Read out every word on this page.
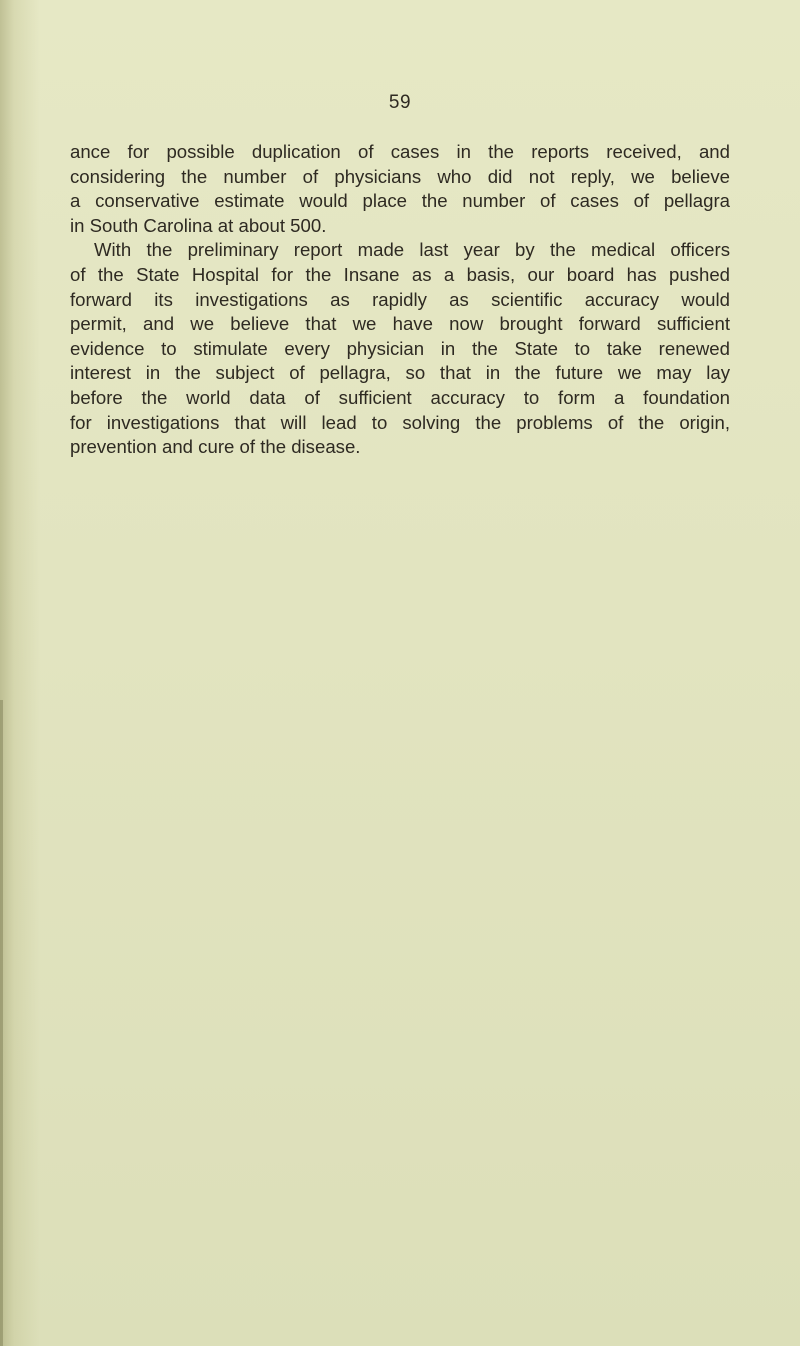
59
ance for possible duplication of cases in the reports received, and
considering the number of physicians who did not reply, we believe
a conservative estimate would place the number of cases of pellagra
in South Carolina at about 500.
With the preliminary report made last year by the medical officers
of the State Hospital for the Insane as a basis, our board has pushed
forward its investigations as rapidly as scientific accuracy would
permit, and we believe that we have now brought forward sufficient
evidence to stimulate every physician in the State to take renewed
interest in the subject of pellagra, so that in the future we may lay
before the world data of sufficient accuracy to form a foundation
for investigations that will lead to solving the problems of the origin,
prevention and cure of the disease.
